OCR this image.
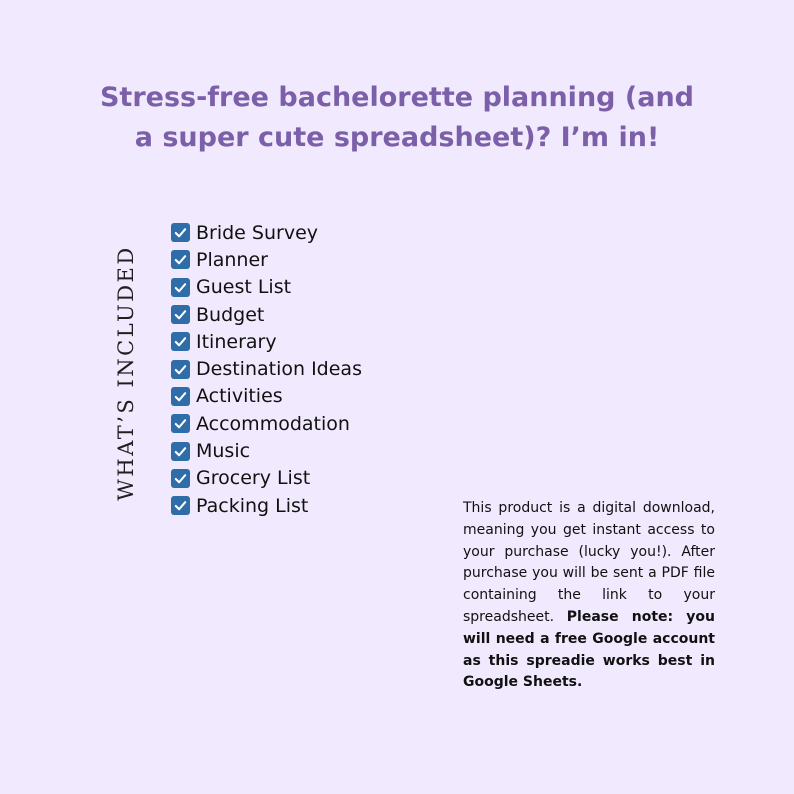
Stress-free bachelorette planning (and
a super cute spreadsheet)? I’m in!
WHAT’S INCLUDED
Bride Survey
Planner
Guest List
Budget
Itinerary
Destination Ideas
Activities
Accommodation
Music
Grocery List
Packing List	This product is a digital download, meaning you get instant access to your purchase (lucky you!). After purchase you will be sent a PDF file containing the link to your spreadsheet. Please note: you will need a free Google account as this spreadie works best in Google Sheets.
